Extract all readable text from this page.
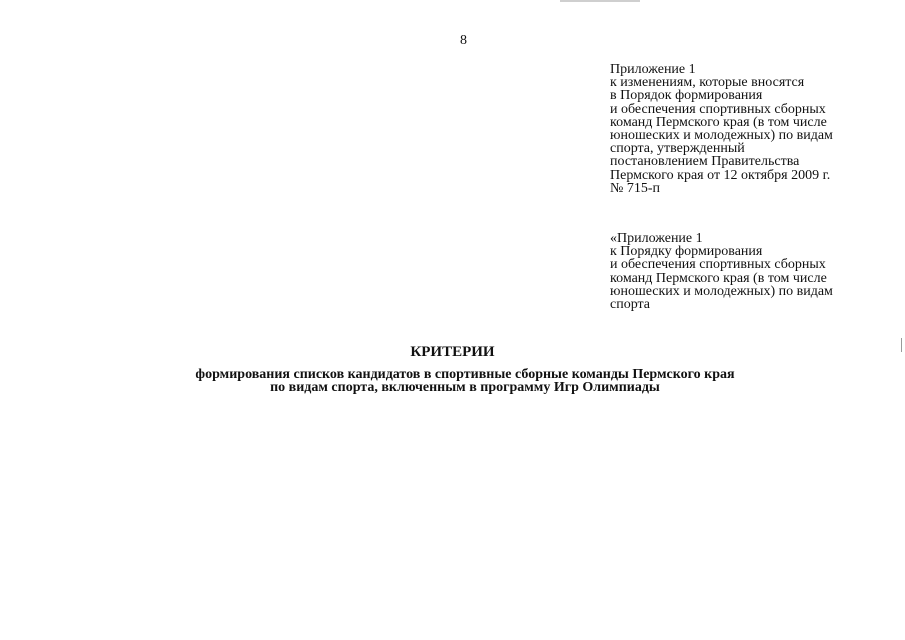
8
Приложение 1
к изменениям, которые вносятся
в Порядок формирования
и обеспечения спортивных сборных
команд Пермского края (в том числе
юношеских и молодежных) по видам
спорта, утвержденный
постановлением Правительства
Пермского края от 12 октября 2009 г.
№ 715-п
«Приложение 1
к Порядку формирования
и обеспечения спортивных сборных
команд Пермского края (в том числе
юношеских и молодежных) по видам
спорта
КРИТЕРИИ
формирования списков кандидатов в спортивные сборные команды Пермского края
по видам спорта, включенным в программу Игр Олимпиады
